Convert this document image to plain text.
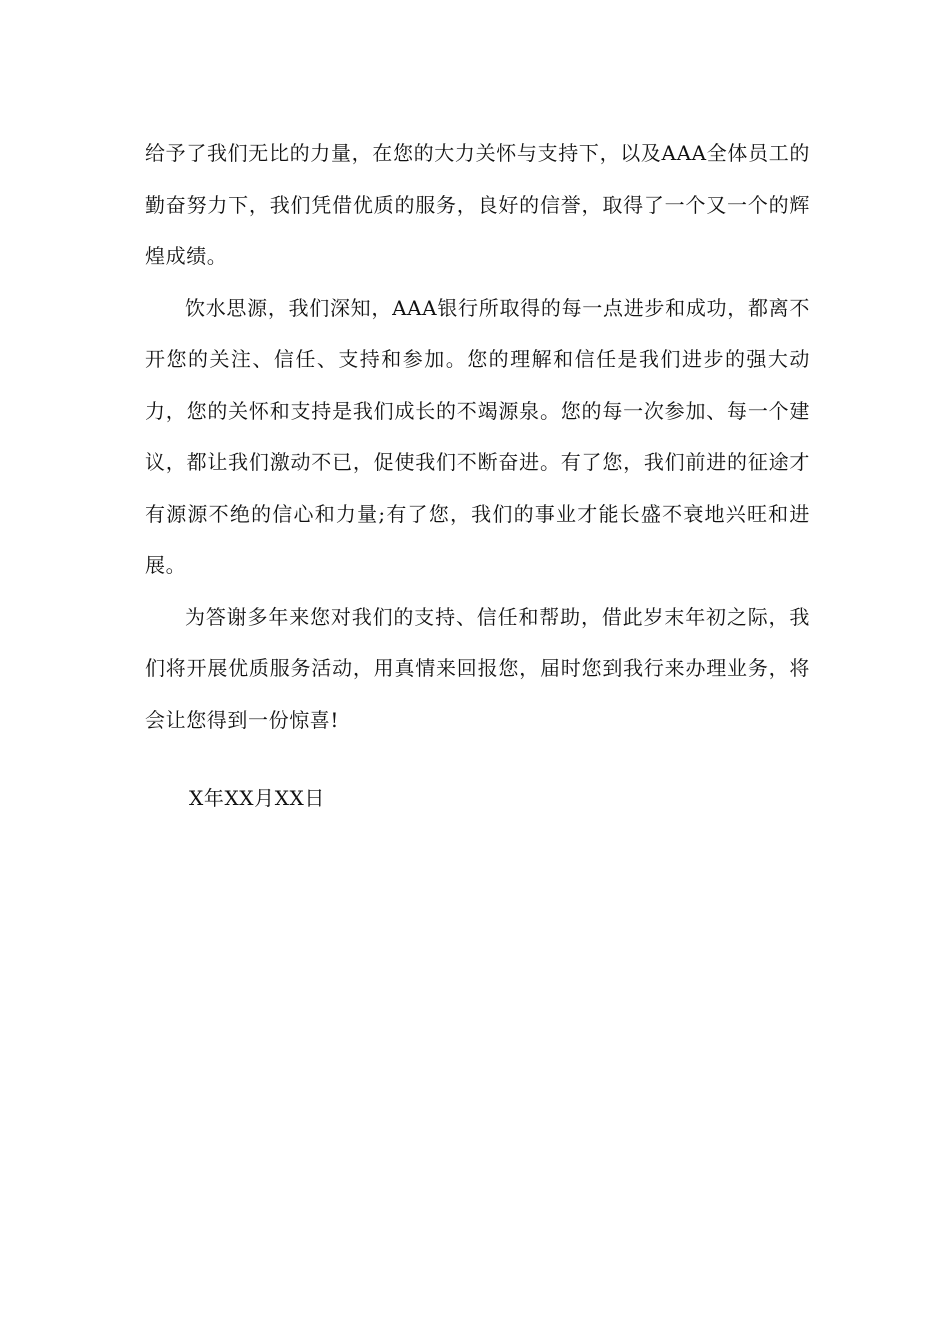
给予了我们无比的力量，在您的大力关怀与支持下，以及AAA全体员工的勤奋努力下，我们凭借优质的服务，良好的信誉，取得了一个又一个的辉煌成绩。

饮水思源，我们深知，AAA银行所取得的每一点进步和成功，都离不开您的关注、信任、支持和参加。您的理解和信任是我们进步的强大动力，您的关怀和支持是我们成长的不竭源泉。您的每一次参加、每一个建议，都让我们激动不已，促使我们不断奋进。有了您，我们前进的征途才有源源不绝的信心和力量;有了您，我们的事业才能长盛不衰地兴旺和进展。

为答谢多年来您对我们的支持、信任和帮助，借此岁末年初之际，我们将开展优质服务活动，用真情来回报您，届时您到我行来办理业务，将会让您得到一份惊喜!

X年XX月XX日
